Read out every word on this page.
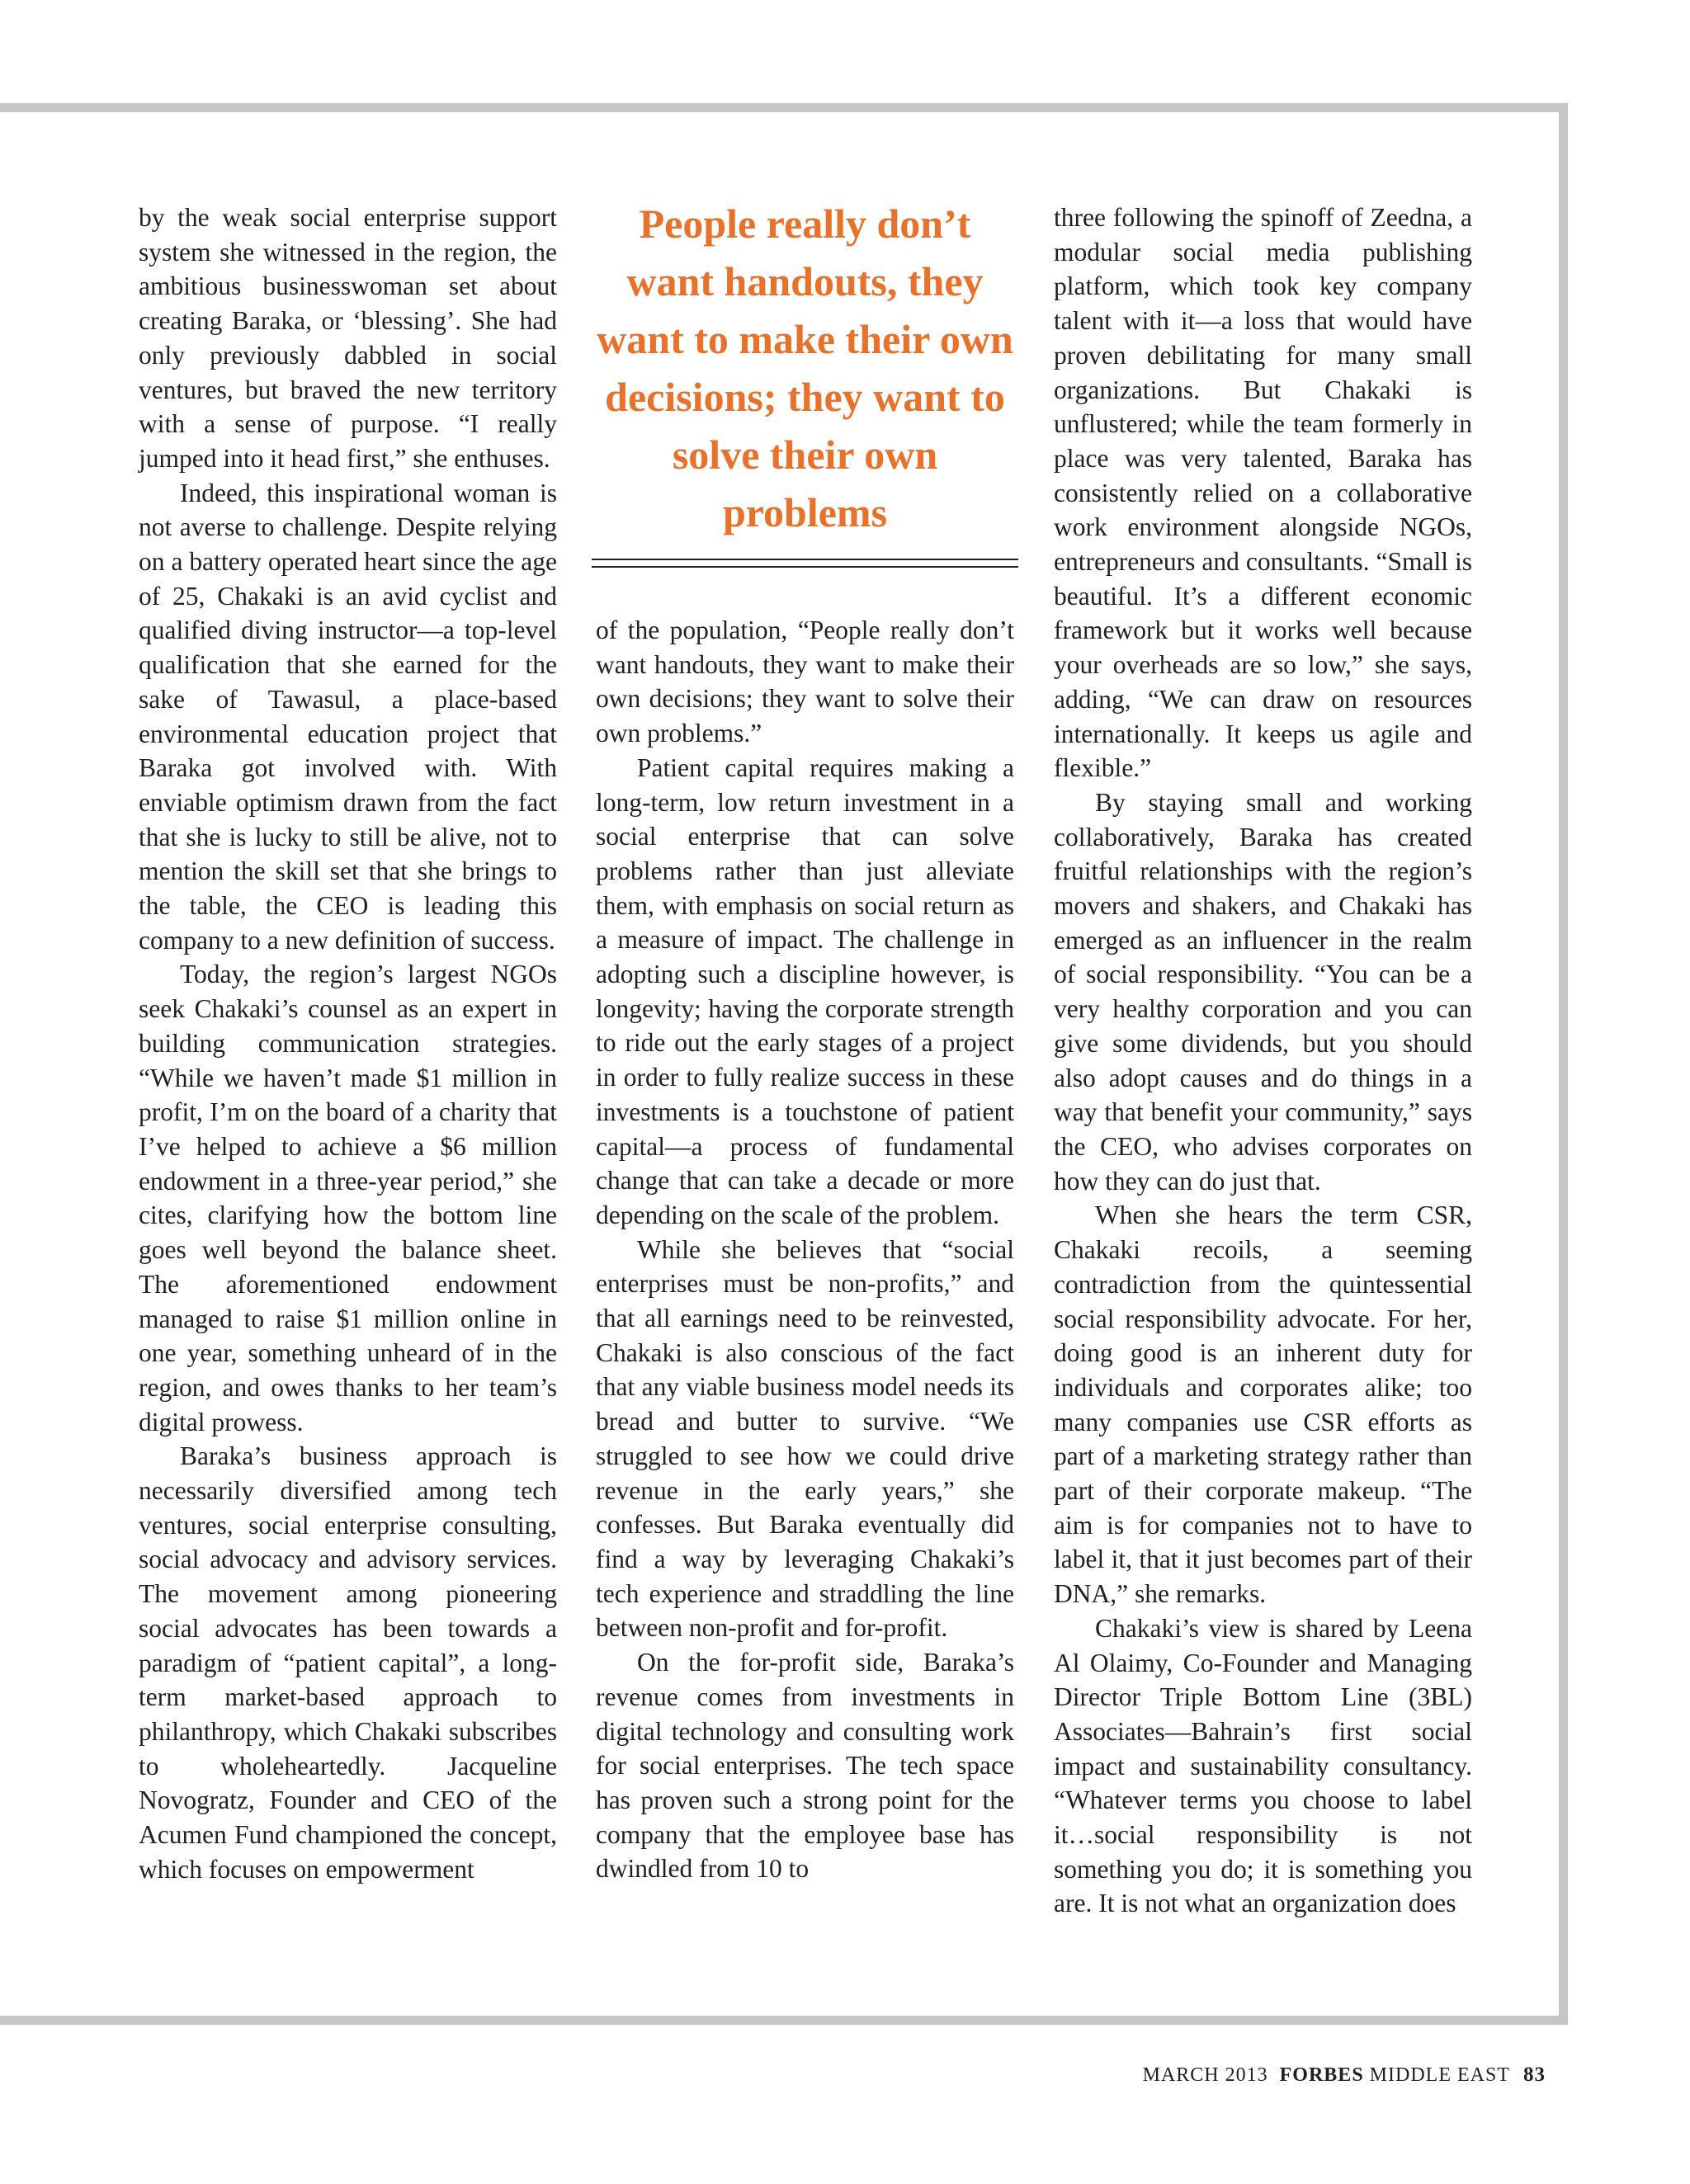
by the weak social enterprise support system she witnessed in the region, the ambitious businesswoman set about creating Baraka, or ‘blessing’. She had only previously dabbled in social ventures, but braved the new territory with a sense of purpose. “I really jumped into it head first,” she enthuses.

Indeed, this inspirational woman is not averse to challenge. Despite relying on a battery operated heart since the age of 25, Chakaki is an avid cyclist and qualified diving instructor—a top-level qualification that she earned for the sake of Tawasul, a place-based environmental education project that Baraka got involved with. With enviable optimism drawn from the fact that she is lucky to still be alive, not to mention the skill set that she brings to the table, the CEO is leading this company to a new definition of success.

Today, the region’s largest NGOs seek Chakaki’s counsel as an expert in building communication strategies. “While we haven’t made $1 million in profit, I’m on the board of a charity that I’ve helped to achieve a $6 million endowment in a three-year period,” she cites, clarifying how the bottom line goes well beyond the balance sheet. The aforementioned endowment managed to raise $1 million online in one year, something unheard of in the region, and owes thanks to her team’s digital prowess.

Baraka’s business approach is necessarily diversified among tech ventures, social enterprise consulting, social advocacy and advisory services. The movement among pioneering social advocates has been towards a paradigm of “patient capital”, a long-term market-based approach to philanthropy, which Chakaki subscribes to wholeheartedly. Jacqueline Novogratz, Founder and CEO of the Acumen Fund championed the concept, which focuses on empowerment

People really don’t want handouts, they want to make their own decisions; they want to solve their own problems

of the population, “People really don’t want handouts, they want to make their own decisions; they want to solve their own problems.”

Patient capital requires making a long-term, low return investment in a social enterprise that can solve problems rather than just alleviate them, with emphasis on social return as a measure of impact. The challenge in adopting such a discipline however, is longevity; having the corporate strength to ride out the early stages of a project in order to fully realize success in these investments is a touchstone of patient capital—a process of fundamental change that can take a decade or more depending on the scale of the problem.

While she believes that “social enterprises must be non-profits,” and that all earnings need to be reinvested, Chakaki is also conscious of the fact that any viable business model needs its bread and butter to survive. “We struggled to see how we could drive revenue in the early years,” she confesses. But Baraka eventually did find a way by leveraging Chakaki’s tech experience and straddling the line between non-profit and for-profit.

On the for-profit side, Baraka’s revenue comes from investments in digital technology and consulting work for social enterprises. The tech space has proven such a strong point for the company that the employee base has dwindled from 10 to

three following the spinoff of Zeedna, a modular social media publishing platform, which took key company talent with it—a loss that would have proven debilitating for many small organizations. But Chakaki is unflustered; while the team formerly in place was very talented, Baraka has consistently relied on a collaborative work environment alongside NGOs, entrepreneurs and consultants. “Small is beautiful. It’s a different economic framework but it works well because your overheads are so low,” she says, adding, “We can draw on resources internationally. It keeps us agile and flexible.”

By staying small and working collaboratively, Baraka has created fruitful relationships with the region’s movers and shakers, and Chakaki has emerged as an influencer in the realm of social responsibility. “You can be a very healthy corporation and you can give some dividends, but you should also adopt causes and do things in a way that benefit your community,” says the CEO, who advises corporates on how they can do just that.

When she hears the term CSR, Chakaki recoils, a seeming contradiction from the quintessential social responsibility advocate. For her, doing good is an inherent duty for individuals and corporates alike; too many companies use CSR efforts as part of a marketing strategy rather than part of their corporate makeup. “The aim is for companies not to have to label it, that it just becomes part of their DNA,” she remarks.

Chakaki’s view is shared by Leena Al Olaimy, Co-Founder and Managing Director Triple Bottom Line (3BL) Associates—Bahrain’s first social impact and sustainability consultancy. “Whatever terms you choose to label it…social responsibility is not something you do; it is something you are. It is not what an organization does

MARCH 2013 FORBES MIDDLE EAST 83
